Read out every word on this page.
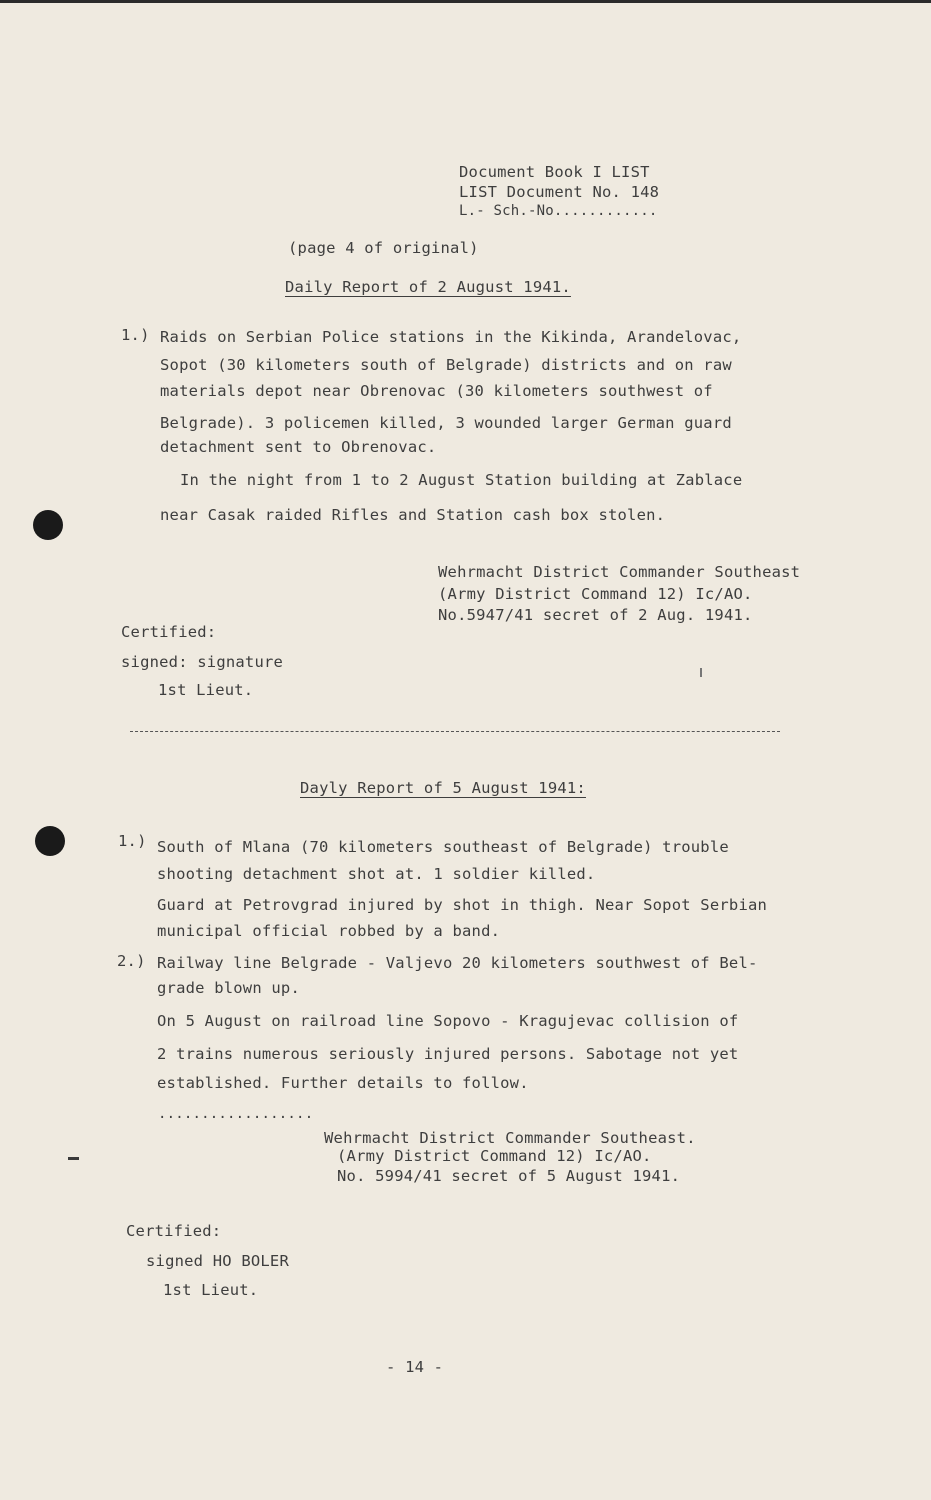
Document Book I LIST
LIST Document No. 148
L.- Sch.-No............
(page 4 of original)
Daily Report of 2 August 1941.
1.) Raids on Serbian Police stations in the Kikinda, Arandelovac,
Sopot (30 kilometers south of Belgrade) districts and on raw
materials depot near Obrenovac (30 kilometers southwest of
Belgrade). 3 policemen killed, 3 wounded larger German guard
detachment sent to Obrenovac.
In the night from 1 to 2 August Station building at Zablace
near Casak raided Rifles and Station cash box stolen.
Wehrmacht District Commander Southeast
(Army District Command 12) Ic/AO.
No.5947/41 secret of 2 Aug. 1941.
Certified:
signed: signature
1st Lieut.
Dayly Report of 5 August 1941:
1.) South of Mlana (70 kilometers southeast of Belgrade) trouble
shooting detachment shot at. 1 soldier killed.
Guard at Petrovgrad injured by shot in thigh. Near Sopot Serbian
municipal official robbed by a band.
2.) Railway line Belgrade - Valjevo 20 kilometers southwest of Bel-
grade blown up.
On 5 August on railroad line Sopovo - Kragujevac collision of
2 trains numerous seriously injured persons. Sabotage not yet
established. Further details to follow.
..................
Wehrmacht District Commander Southeast.
(Army District Command 12) Ic/AO.
No. 5994/41 secret of 5 August 1941.
Certified:
signed HO BOLER
1st Lieut.
- 14 -
